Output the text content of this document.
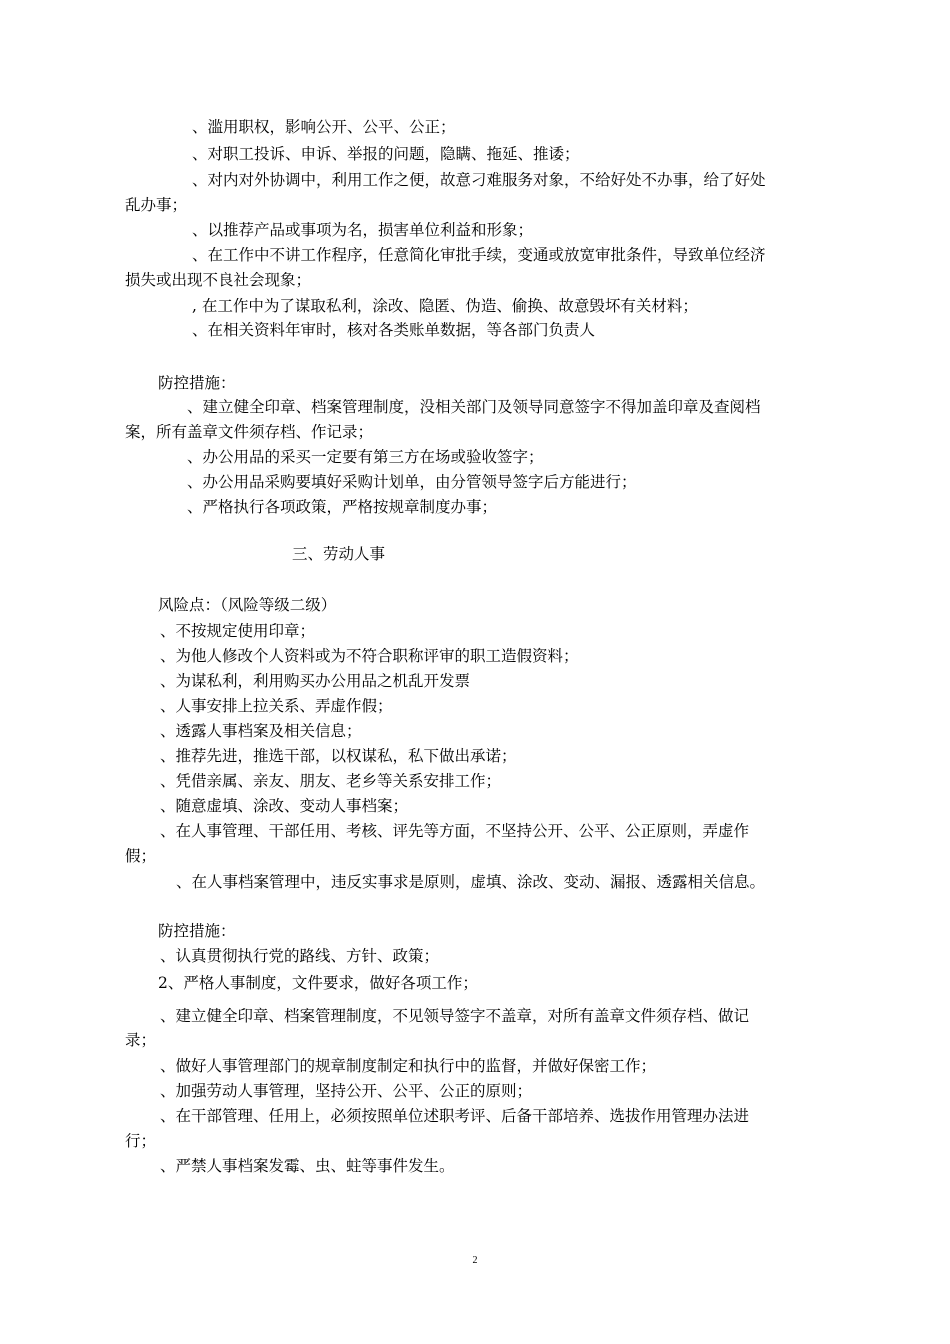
、滥用职权，影响公开、公平、公正；
、对职工投诉、申诉、举报的问题，隐瞒、拖延、推诿；
、对内对外协调中，利用工作之便，故意刁难服务对象，不给好处不办事，给了好处
乱办事；
、以推荐产品或事项为名，损害单位利益和形象；
、在工作中不讲工作程序，任意简化审批手续，变通或放宽审批条件，导致单位经济
损失或出现不良社会现象；
, 在工作中为了谋取私利，涂改、隐匿、伪造、偷换、故意毁坏有关材料；
、在相关资料年审时，核对各类账单数据，等各部门负责人
防控措施：
、建立健全印章、档案管理制度，没相关部门及领导同意签字不得加盖印章及查阅档
案，所有盖章文件须存档、作记录；
、办公用品的采买一定要有第三方在场或验收签字；
、办公用品采购要填好采购计划单，由分管领导签字后方能进行；
、严格执行各项政策，严格按规章制度办事；
三、劳动人事
风险点：（风险等级二级）
、不按规定使用印章；
、为他人修改个人资料或为不符合职称评审的职工造假资料；
、为谋私利，利用购买办公用品之机乱开发票
、人事安排上拉关系、弄虚作假；
、透露人事档案及相关信息；
、推荐先进，推选干部，以权谋私，私下做出承诺；
、凭借亲属、亲友、朋友、老乡等关系安排工作；
、随意虚填、涂改、变动人事档案；
、在人事管理、干部任用、考核、评先等方面，不坚持公开、公平、公正原则，弄虚作
假；
、在人事档案管理中，违反实事求是原则，虚填、涂改、变动、漏报、透露相关信息。
防控措施：
、认真贯彻执行党的路线、方针、政策；
2、严格人事制度，文件要求，做好各项工作；
、建立健全印章、档案管理制度，不见领导签字不盖章，对所有盖章文件须存档、做记
录；
、做好人事管理部门的规章制度制定和执行中的监督，并做好保密工作；
、加强劳动人事管理，坚持公开、公平、公正的原则；
、在干部管理、任用上，必须按照单位述职考评、后备干部培养、选拔作用管理办法进
行；
、严禁人事档案发霉、虫、蛀等事件发生。
2
